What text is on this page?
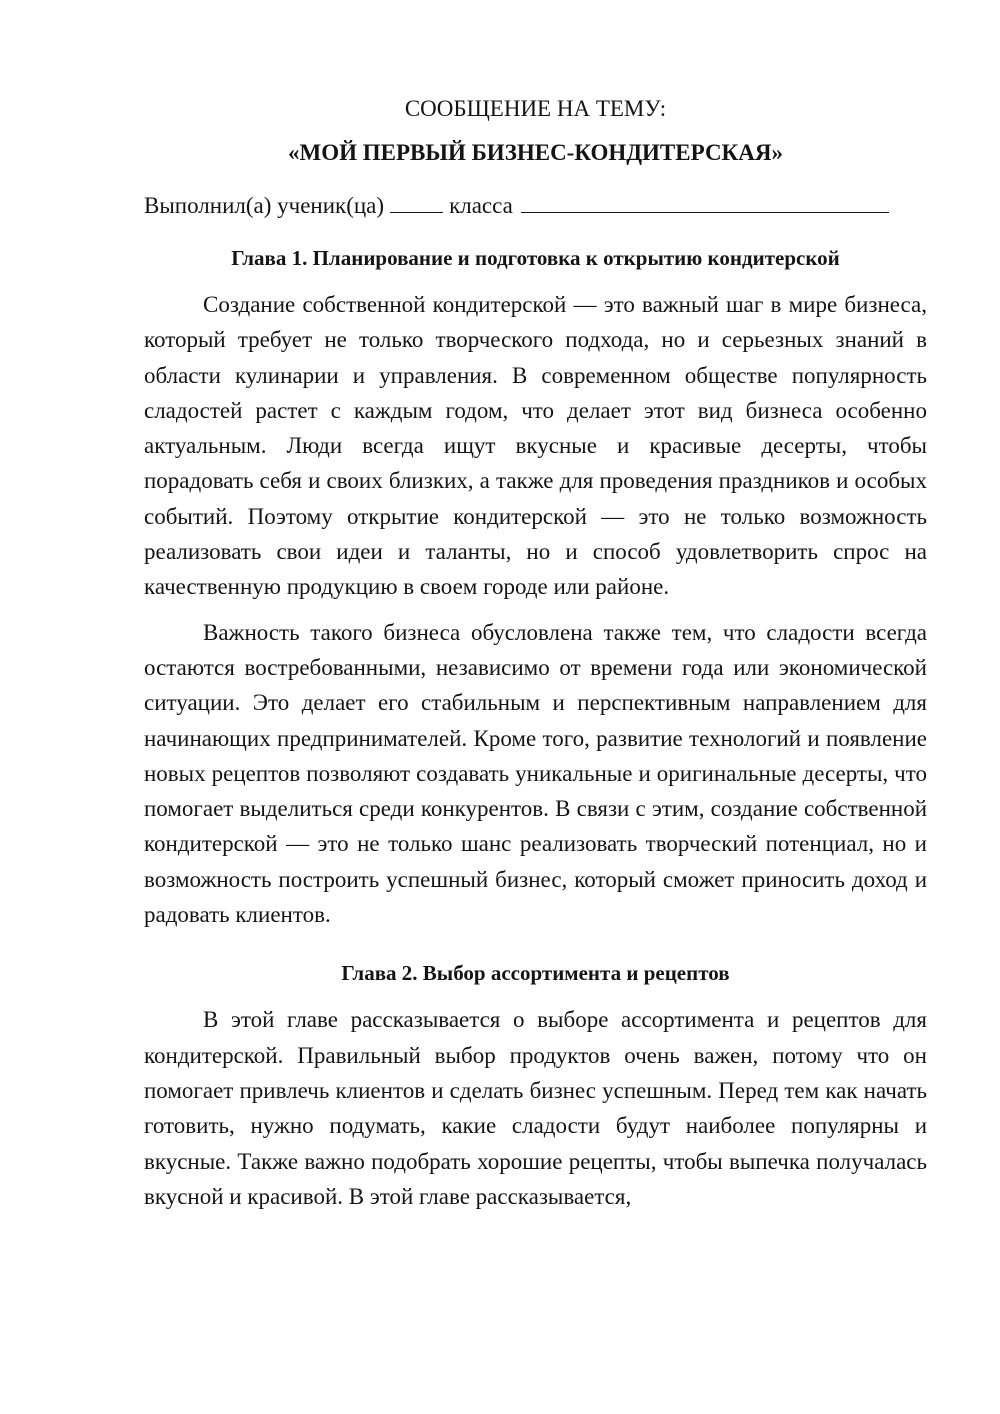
СООБЩЕНИЕ НА ТЕМУ:

«МОЙ ПЕРВЫЙ БИЗНЕС-КОНДИТЕРСКАЯ»

Выполнил(а) ученик(ца)	класса

Глава 1. Планирование и подготовка к открытию кондитерской

Создание собственной кондитерской — это важный шаг в мире бизнеса, который требует не только творческого подхода, но и серьезных знаний в области кулинарии и управления. В современном обществе популярность сладостей растет с каждым годом, что делает этот вид бизнеса особенно актуальным. Люди всегда ищут вкусные и красивые десерты, чтобы порадовать себя и своих близких, а также для проведения праздников и особых событий. Поэтому открытие кондитерской — это не только возможность реализовать свои идеи и таланты, но и способ удовлетворить спрос на качественную продукцию в своем городе или районе.

Важность такого бизнеса обусловлена также тем, что сладости всегда остаются востребованными, независимо от времени года или экономической ситуации. Это делает его стабильным и перспективным направлением для начинающих предпринимателей. Кроме того, развитие технологий и появление новых рецептов позволяют создавать уникальные и оригинальные десерты, что помогает выделиться среди конкурентов. В связи с этим, создание собственной кондитерской — это не только шанс реализовать творческий потенциал, но и возможность построить успешный бизнес, который сможет приносить доход и радовать клиентов.

Глава 2. Выбор ассортимента и рецептов

В этой главе рассказывается о выборе ассортимента и рецептов для кондитерской. Правильный выбор продуктов очень важен, потому что он помогает привлечь клиентов и сделать бизнес успешным. Перед тем как начать готовить, нужно подумать, какие сладости будут наиболее популярны и вкусные. Также важно подобрать хорошие рецепты, чтобы выпечка получалась вкусной и красивой. В этой главе рассказывается,
